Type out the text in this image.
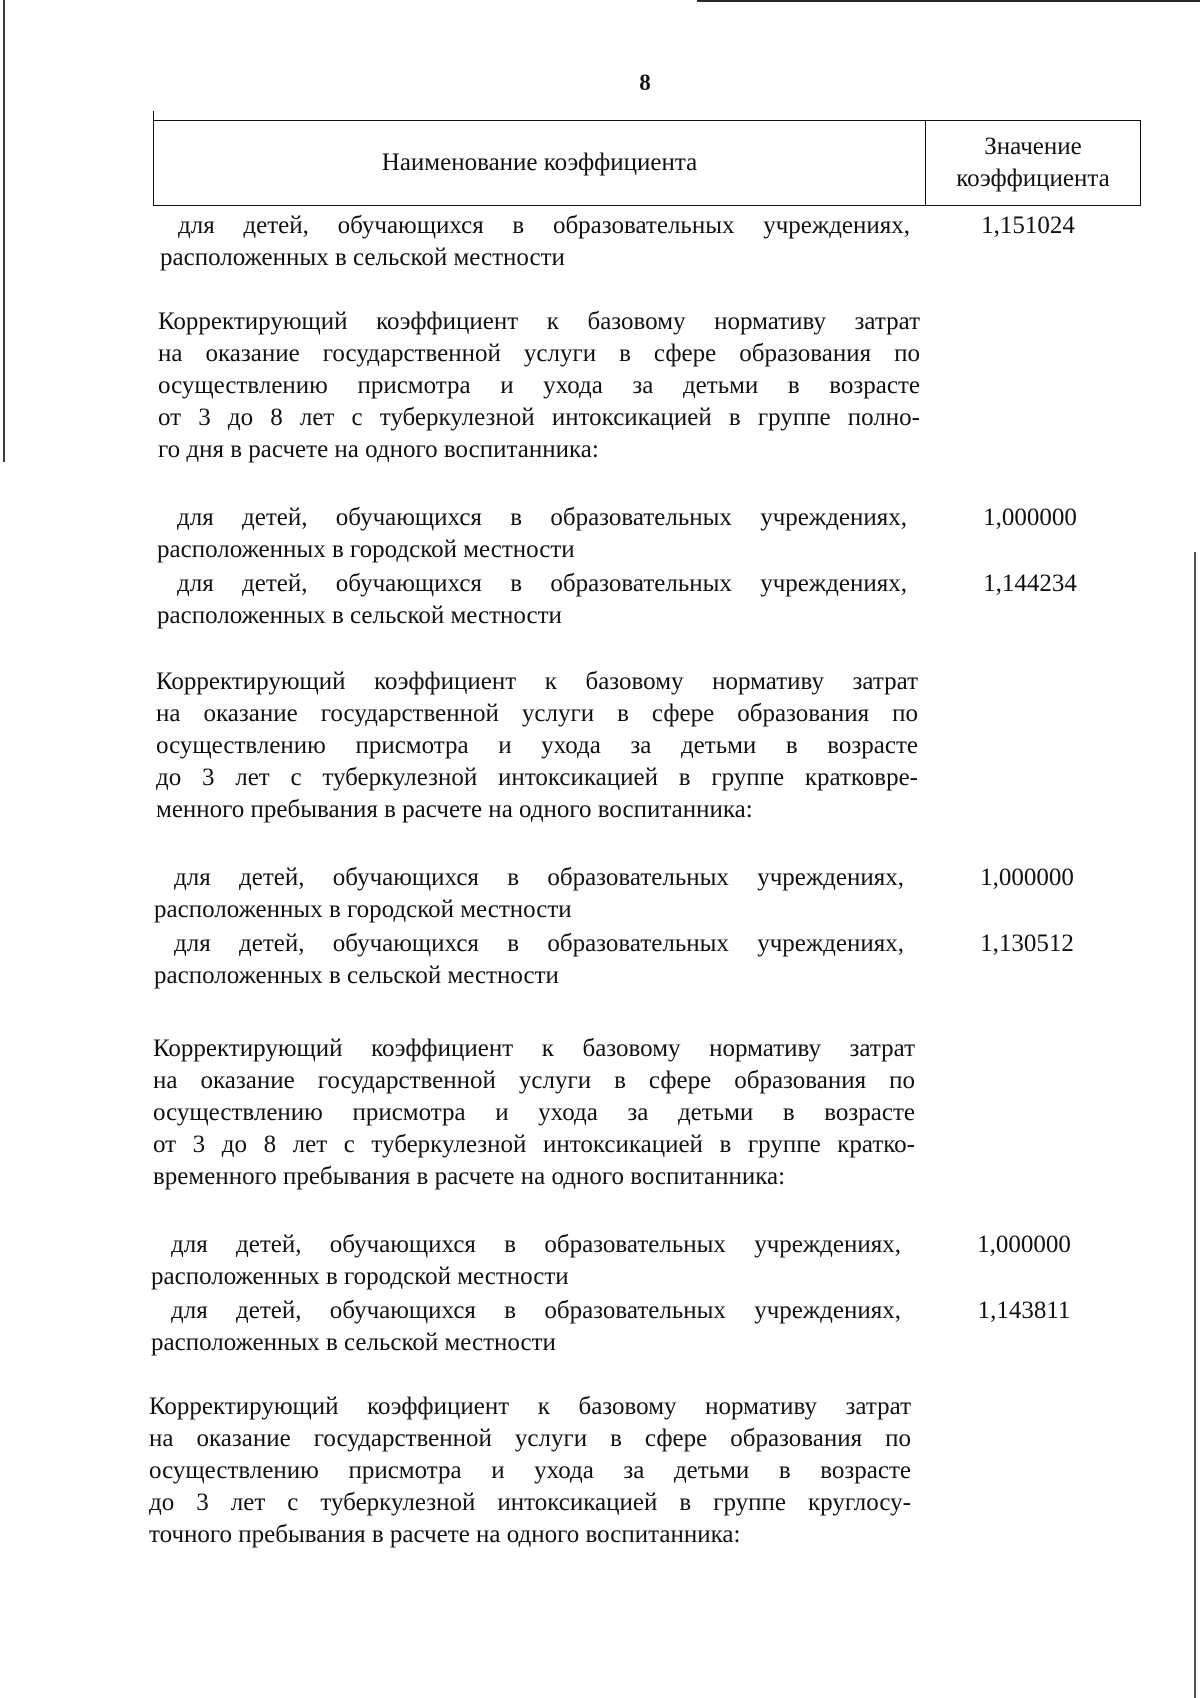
8
Наименование коэффициента
Значение
коэффициента
для детей, обучающихся в образовательных учреждениях,
расположенных в сельской местности
1,151024
Корректирующий коэффициент к базовому нормативу затрат
на оказание государственной услуги в сфере образования по
осуществлению присмотра и ухода за детьми в возрасте
от 3 до 8 лет с туберкулезной интоксикацией в группе полно-
го дня в расчете на одного воспитанника:
для детей, обучающихся в образовательных учреждениях,
расположенных в городской местности
1,000000
для детей, обучающихся в образовательных учреждениях,
расположенных в сельской местности
1,144234
Корректирующий коэффициент к базовому нормативу затрат
на оказание государственной услуги в сфере образования по
осуществлению присмотра и ухода за детьми в возрасте
до 3 лет с туберкулезной интоксикацией в группе кратковре-
менного пребывания в расчете на одного воспитанника:
для детей, обучающихся в образовательных учреждениях,
расположенных в городской местности
1,000000
для детей, обучающихся в образовательных учреждениях,
расположенных в сельской местности
1,130512
Корректирующий коэффициент к базовому нормативу затрат
на оказание государственной услуги в сфере образования по
осуществлению присмотра и ухода за детьми в возрасте
от 3 до 8 лет с туберкулезной интоксикацией в группе кратко-
временного пребывания в расчете на одного воспитанника:
для детей, обучающихся в образовательных учреждениях,
расположенных в городской местности
1,000000
для детей, обучающихся в образовательных учреждениях,
расположенных в сельской местности
1,143811
Корректирующий коэффициент к базовому нормативу затрат
на оказание государственной услуги в сфере образования по
осуществлению присмотра и ухода за детьми в возрасте
до 3 лет с туберкулезной интоксикацией в группе круглосу-
точного пребывания в расчете на одного воспитанника:
